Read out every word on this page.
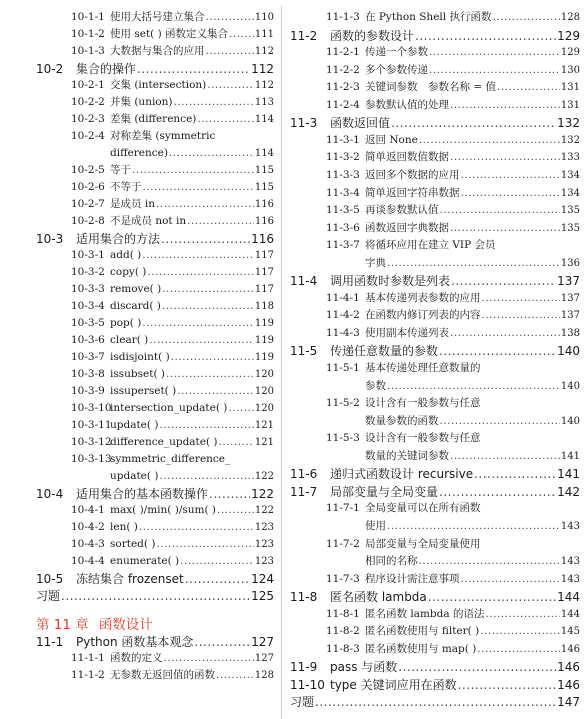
10-1-1 使用大括号建立集合 .....	110
10-1-2 使用 set( ) 函数定义集合 .....	111
10-1-3 大数据与集合的应用 .....	112
10-2	集合的操作 .....	112
10-2-1 交集 (intersection) .....	112
10-2-2 并集 (union) .....	113
10-2-3 差集 (difference) .....	114
10-2-4 对称差集 (symmetric
difference) .....	114
10-2-5 等于 .....	115
10-2-6 不等于 .....	115
10-2-7 是成员 in .....	116
10-2-8 不是成员 not in .....	116
10-3	适用集合的方法 .....	116
10-3-1 add( ) .....	117
10-3-2 copy( ) .....	117
10-3-3 remove( ) .....	117
10-3-4 discard( ) .....	118
10-3-5 pop( ) .....	119
10-3-6 clear( ) .....	119
10-3-7 isdisjoint( ) .....	119
10-3-8 issubset( ) .....	120
10-3-9 issuperset( ) .....	120
10-3-10
intersection_update( ) .....	120
10-3-11
update( ) .....	121
10-3-12
difference_update( ) .....	121
10-3-13
symmetric_difference_
update( ) .....	122
10-4	适用集合的基本函数操作 .....	122
10-4-1 max( )/min( )/sum( ) .....	122
10-4-2 len( ) .....	123
10-4-3 sorted( ) .....	123
10-4-4 enumerate( ) .....	123
10-5	冻结集合 frozenset .....	124
习题 .....	125
第 11 章 函数设计
11-1	Python 函数基本观念 .....	127
11-1-1 函数的定义 .....	127
11-1-2 无参数无返回值的函数 .....	128
11-1-3 在 Python Shell 执行函数 .....	128
11-2	函数的参数设计 .....	129
11-2-1 传递一个参数 .....	129
11-2-2 多个参数传递 .....	130
11-2-3 关键词参数　参数名称 = 值 .....	131
11-2-4 参数默认值的处理 .....	131
11-3	函数返回值 .....	132
11-3-1 返回 None .....	132
11-3-2 简单返回数值数据 .....	133
11-3-3 返回多个数据的应用 .....	134
11-3-4 简单返回字符串数据 .....	134
11-3-5 再谈参数默认值 .....	135
11-3-6 函数返回字典数据 .....	135
11-3-7 将循环应用在建立 VIP 会员
字典 .....	136
11-4	调用函数时参数是列表 .....	137
11-4-1 基本传递列表参数的应用 .....	137
11-4-2 在函数内修订列表的内容 .....	137
11-4-3 使用副本传递列表 .....	138
11-5	传递任意数量的参数 .....	140
11-5-1 基本传递处理任意数量的
参数 .....	140
11-5-2 设计含有一般参数与任意
数量参数的函数 .....	140
11-5-3 设计含有一般参数与任意
数量的关键词参数 .....	141
11-6	递归式函数设计 recursive .....	141
11-7	局部变量与全局变量 .....	142
11-7-1 全局变量可以在所有函数
使用 .....	143
11-7-2 局部变量与全局变量使用
相同的名称 .....	143
11-7-3 程序设计需注意事项 .....	143
11-8	匿名函数 lambda .....	144
11-8-1 匿名函数 lambda 的语法 .....	144
11-8-2 匿名函数使用与 filter( ) .....	145
11-8-3 匿名函数使用与 map( ) .....	146
11-9	pass 与函数 .....	146
11-10 type 关键词应用在函数 .....	146
习题 .....	147
